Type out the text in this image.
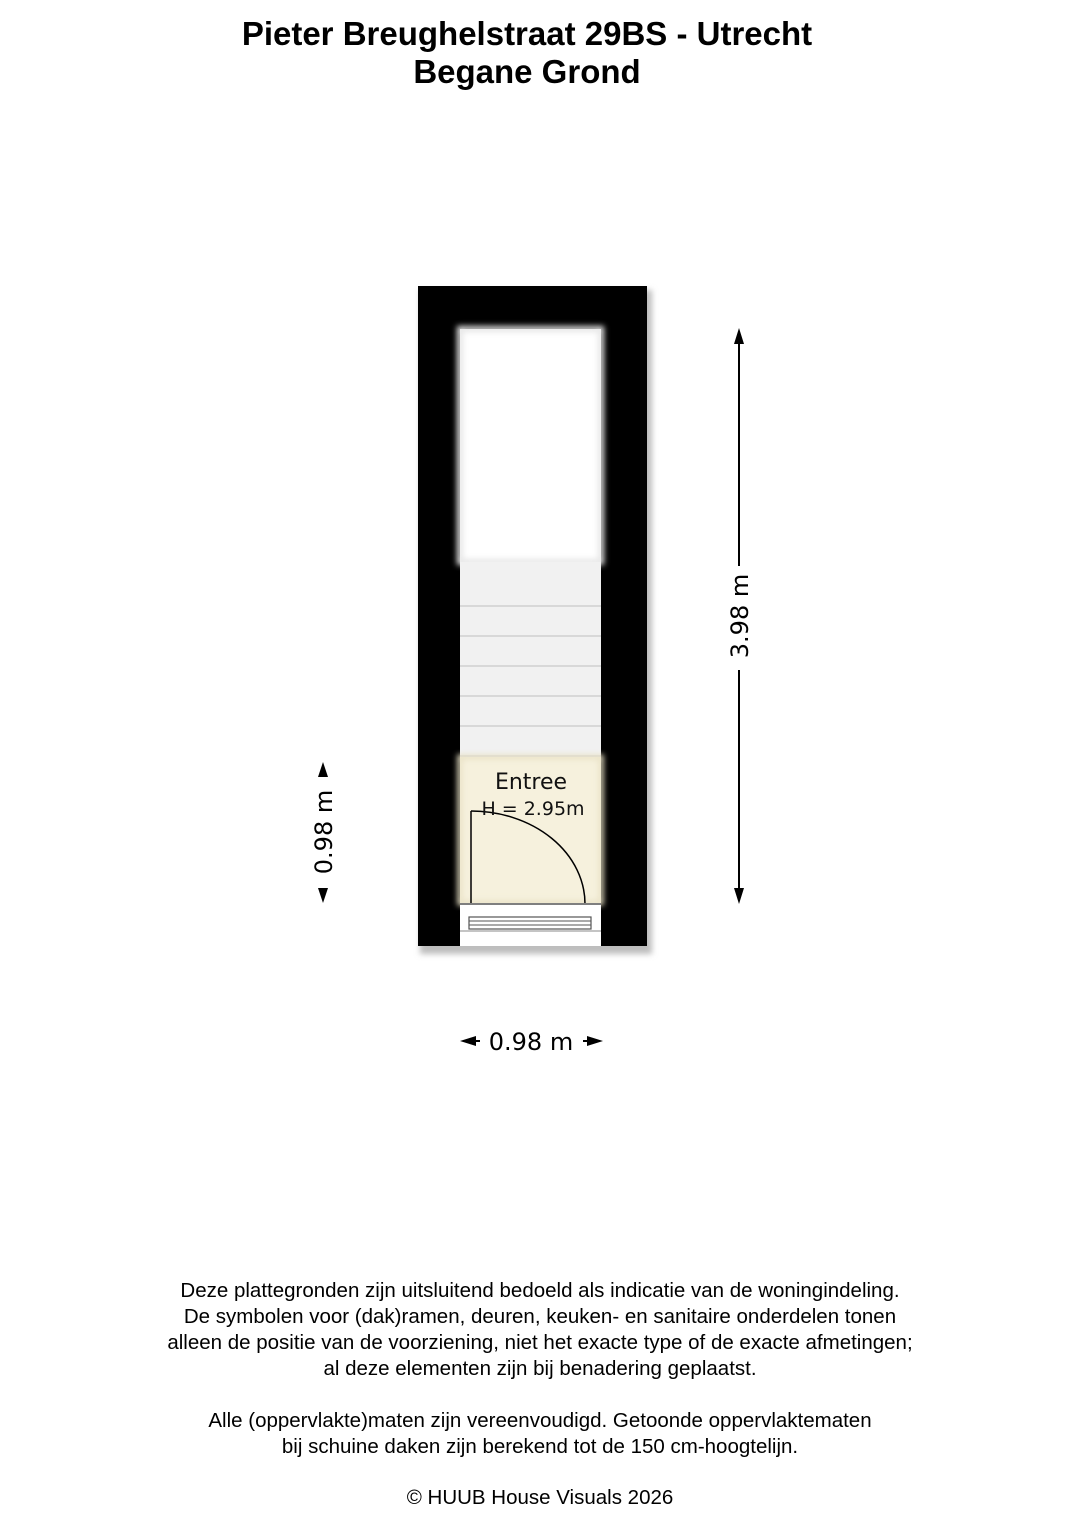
Pieter Breughelstraat 29BS - Utrecht
Begane Grond
Entree
H = 2.95m
3.98 m
0.98 m
0.98 m

Deze plattegronden zijn uitsluitend bedoeld als indicatie van de woningindeling.

De symbolen voor (dak)ramen, deuren, keuken- en sanitaire onderdelen tonen

alleen de positie van de voorziening, niet het exacte type of de exacte afmetingen;

al deze elementen zijn bij benadering geplaatst.

Alle (oppervlakte)maten zijn vereenvoudigd. Getoonde oppervlaktematen

bij schuine daken zijn berekend tot de 150 cm-hoogtelijn.

© HUUB House Visuals 2026
